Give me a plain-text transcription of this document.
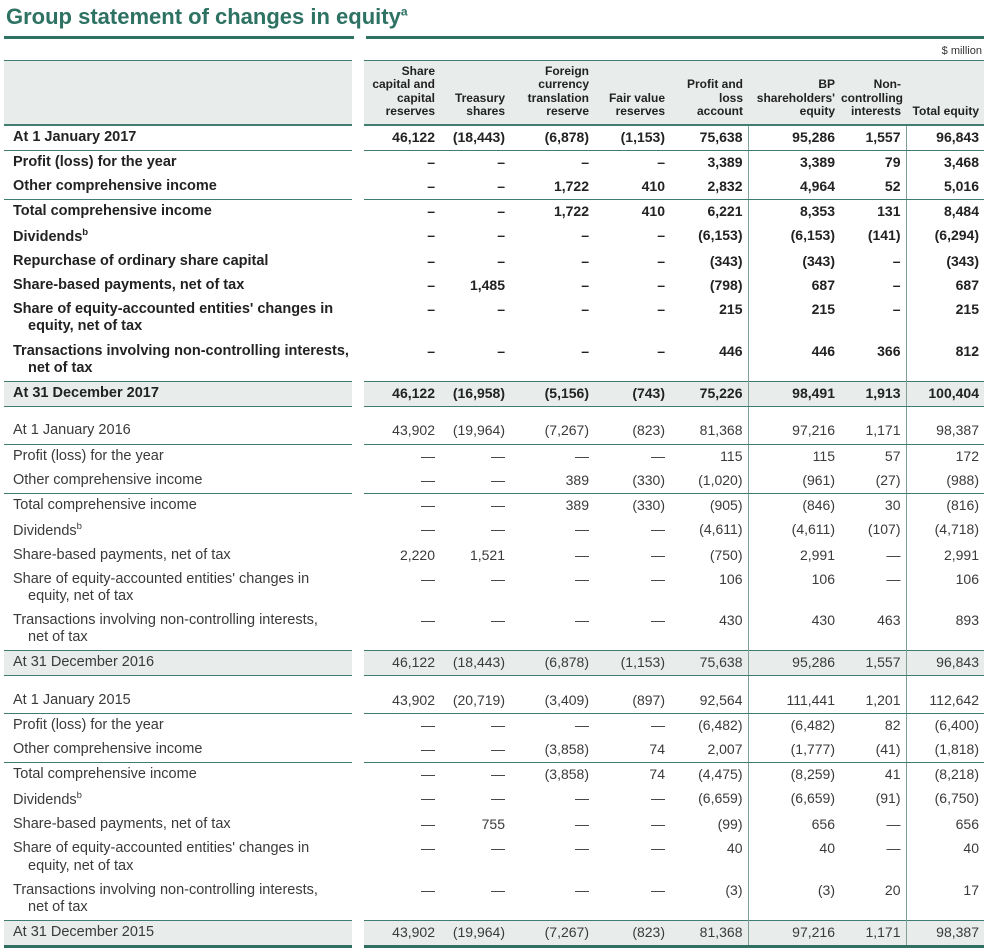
Group statement of changes in equity$^a$
$ million
		Share capital and capital reserves	Treasury shares	Foreign currency translation reserve	Fair value reserves	Profit and loss account	BP shareholders' equity	Non-controlling interests	Total equity
At 1 January 2017		46,122	(18,443)	(6,878)	(1,153)	75,638	95,286	1,557	96,843
Profit (loss) for the year		–	–	–	–	3,389	3,389	79	3,468
Other comprehensive income		–	–	1,722	410	2,832	4,964	52	5,016
Total comprehensive income		–	–	1,722	410	6,221	8,353	131	8,484
Dividends$^b$		–	–	–	–	(6,153)	(6,153)	(141)	(6,294)
Repurchase of ordinary share capital		–	–	–	–	(343)	(343)	–	(343)
Share-based payments, net of tax		–	1,485	–	–	(798)	687	–	687
Share of equity-accounted entities' changes in
equity, net of tax		–	–	–	–	215	215	–	215
Transactions involving non-controlling interests,
net of tax		–	–	–	–	446	446	366	812
At 31 December 2017		46,122	(16,958)	(5,156)	(743)	75,226	98,491	1,913	100,404

At 1 January 2016		43,902	(19,964)	(7,267)	(823)	81,368	97,216	1,171	98,387
Profit (loss) for the year		—	—	—	—	115	115	57	172
Other comprehensive income		—	—	389	(330)	(1,020)	(961)	(27)	(988)
Total comprehensive income		—	—	389	(330)	(905)	(846)	30	(816)
Dividends$^b$		—	—	—	—	(4,611)	(4,611)	(107)	(4,718)
Share-based payments, net of tax		2,220	1,521	—	—	(750)	2,991	—	2,991
Share of equity-accounted entities' changes in
equity, net of tax		—	—	—	—	106	106	—	106
Transactions involving non-controlling interests,
net of tax		—	—	—	—	430	430	463	893
At 31 December 2016		46,122	(18,443)	(6,878)	(1,153)	75,638	95,286	1,557	96,843

At 1 January 2015		43,902	(20,719)	(3,409)	(897)	92,564	111,441	1,201	112,642
Profit (loss) for the year		—	—	—	—	(6,482)	(6,482)	82	(6,400)
Other comprehensive income		—	—	(3,858)	74	2,007	(1,777)	(41)	(1,818)
Total comprehensive income		—	—	(3,858)	74	(4,475)	(8,259)	41	(8,218)
Dividends$^b$		—	—	—	—	(6,659)	(6,659)	(91)	(6,750)
Share-based payments, net of tax		—	755	—	—	(99)	656	—	656
Share of equity-accounted entities' changes in
equity, net of tax		—	—	—	—	40	40	—	40
Transactions involving non-controlling interests,
net of tax		—	—	—	—	(3)	(3)	20	17
At 31 December 2015		43,902	(19,964)	(7,267)	(823)	81,368	97,216	1,171	98,387
